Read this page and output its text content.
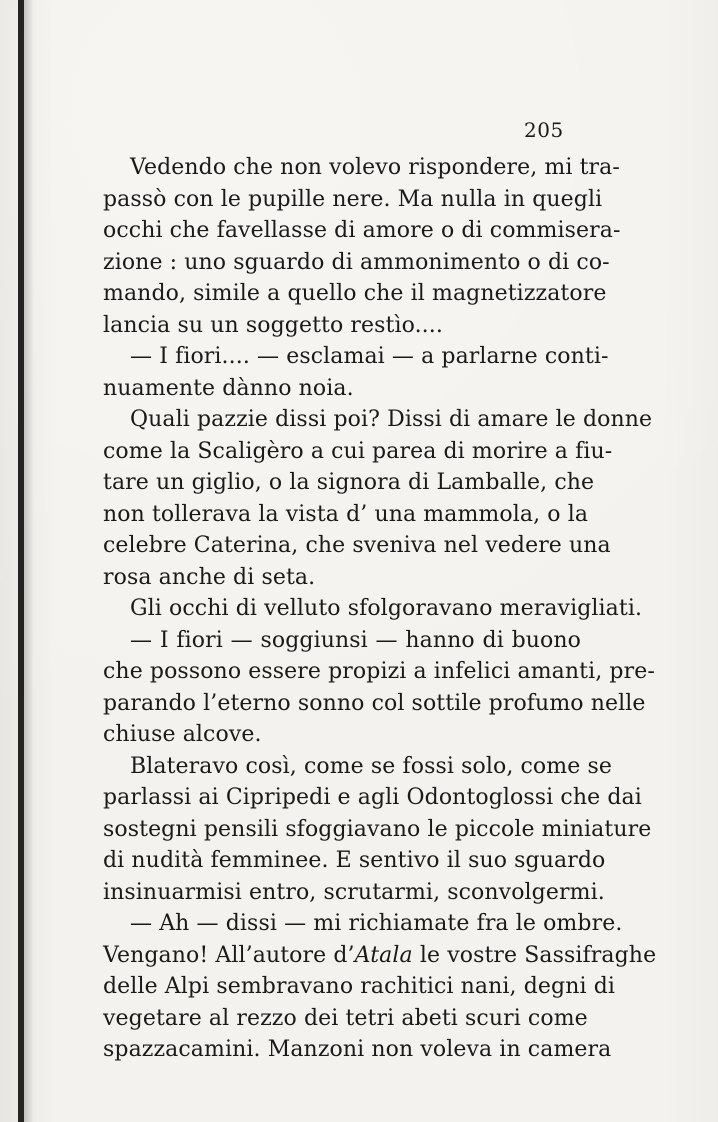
205
Vedendo che non volevo rispondere, mi tra-
passò con le pupille nere. Ma nulla in quegli
occhi che favellasse di amore o di commisera-
zione : uno sguardo di ammonimento o di co-
mando, simile a quello che il magnetizzatore
lancia su un soggetto restìo....
— I fiori.... — esclamai — a parlarne conti-
nuamente dànno noia.
Quali pazzie dissi poi? Dissi di amare le donne
come la Scaligèro a cui parea di morire a fiu-
tare un giglio, o la signora di Lamballe, che
non tollerava la vista d’ una mammola, o la
celebre Caterina, che sveniva nel vedere una
rosa anche di seta.
Gli occhi di velluto sfolgoravano meravigliati.
— I fiori — soggiunsi — hanno di buono
che possono essere propizi a infelici amanti, pre-
parando l’eterno sonno col sottile profumo nelle
chiuse alcove.
Blateravo così, come se fossi solo, come se
parlassi ai Cipripedi e agli Odontoglossi che dai
sostegni pensili sfoggiavano le piccole miniature
di nudità femminee. E sentivo il suo sguardo
insinuarmisi entro, scrutarmi, sconvolgermi.
— Ah — dissi — mi richiamate fra le ombre.
Vengano! All’autore d’Atala le vostre Sassifraghe
delle Alpi sembravano rachitici nani, degni di
vegetare al rezzo dei tetri abeti scuri come
spazzacamini. Manzoni non voleva in camera
